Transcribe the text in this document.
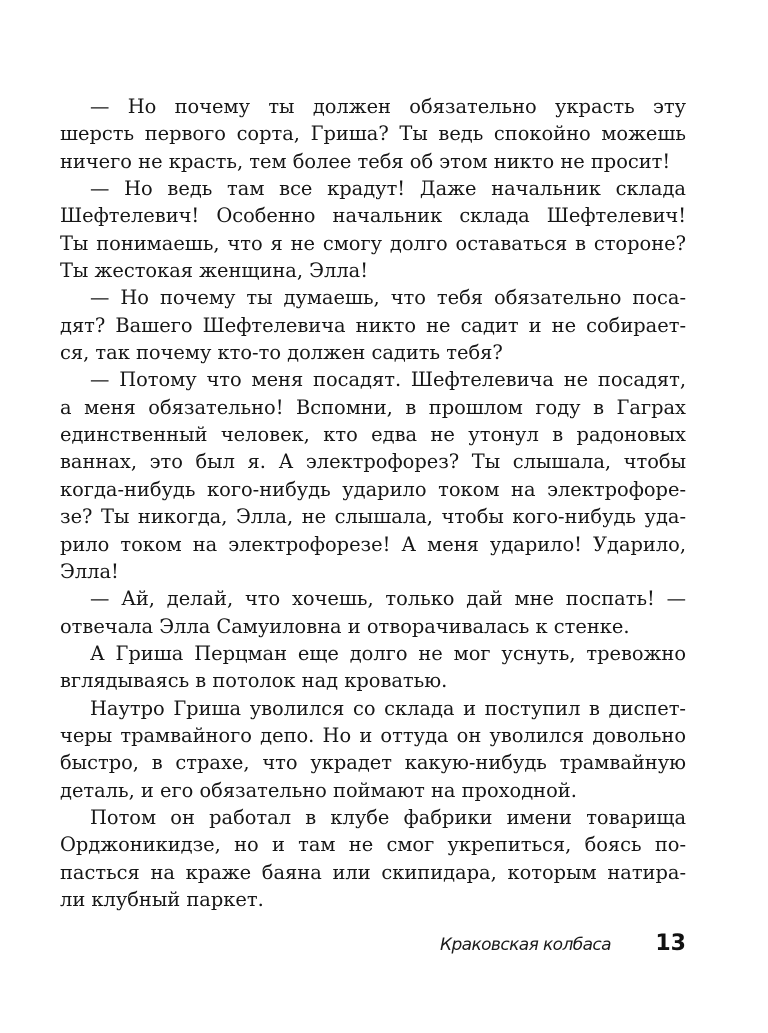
— Но почему ты должен обязательно украсть эту
шерсть первого сорта, Гриша? Ты ведь спокойно можешь
ничего не красть, тем более тебя об этом никто не просит!
— Но ведь там все крадут! Даже начальник склада
Шефтелевич! Особенно начальник склада Шефтелевич!
Ты понимаешь, что я не смогу долго оставаться в стороне?
Ты жестокая женщина, Элла!
— Но почему ты думаешь, что тебя обязательно поса-
дят? Вашего Шефтелевича никто не садит и не собирает-
ся, так почему кто-то должен садить тебя?
— Потому что меня посадят. Шефтелевича не посадят,
а меня обязательно! Вспомни, в прошлом году в Гаграх
единственный человек, кто едва не утонул в радоновых
ваннах, это был я. А электрофорез? Ты слышала, чтобы
когда-нибудь кого-нибудь ударило током на электрофоре-
зе? Ты никогда, Элла, не слышала, чтобы кого-нибудь уда-
рило током на электрофорезе! А меня ударило! Ударило,
Элла!
— Ай, делай, что хочешь, только дай мне поспать! —
отвечала Элла Самуиловна и отворачивалась к стенке.
А Гриша Перцман еще долго не мог уснуть, тревожно
вглядываясь в потолок над кроватью.
Наутро Гриша уволился со склада и поступил в диспет-
черы трамвайного депо. Но и оттуда он уволился довольно
быстро, в страхе, что украдет какую-нибудь трамвайную
деталь, и его обязательно поймают на проходной.
Потом он работал в клубе фабрики имени товарища
Орджоникидзе, но и там не смог укрепиться, боясь по-
пасться на краже баяна или скипидара, которым натира-
ли клубный паркет.
Краковская колбаса 13
